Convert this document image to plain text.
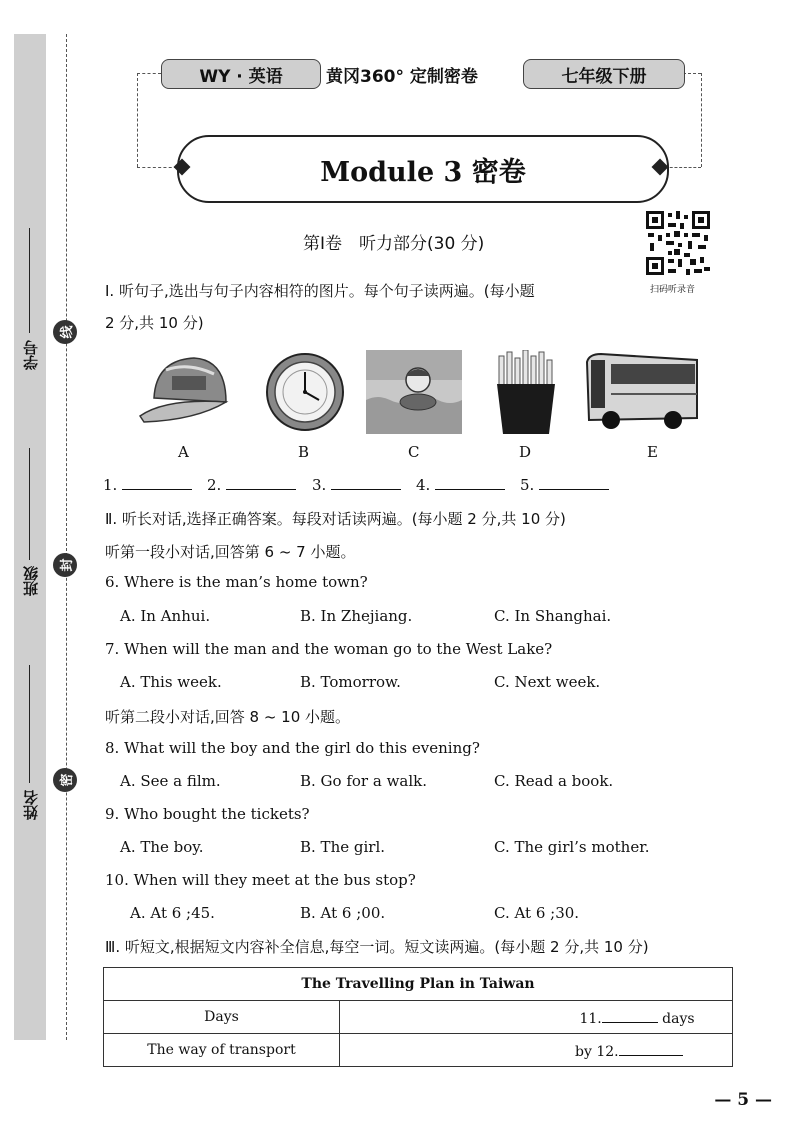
学号
班级
姓名
线
封
密
WY · 英语	黄冈360° 定制密卷	七年级下册
Module 3 密卷
第Ⅰ卷　听力部分(30 分)
扫码听录音
Ⅰ. 听句子,选出与句子内容相符的图片。每个句子读两遍。(每小题
2 分,共 10 分)
A	B	C	D	E
1.	2.	3.	4.	5.
Ⅱ. 听长对话,选择正确答案。每段对话读两遍。(每小题 2 分,共 10 分)
听第一段小对话,回答第 6 ~ 7 小题。
6. Where is the man’s home town?
A. In Anhui.	B. In Zhejiang.	C. In Shanghai.
7. When will the man and the woman go to the West Lake?
A. This week.	B. Tomorrow.	C. Next week.
听第二段小对话,回答 8 ~ 10 小题。
8. What will the boy and the girl do this evening?
A. See a film.	B. Go for a walk.	C. Read a book.
9. Who bought the tickets?
A. The boy.	B. The girl.	C. The girl’s mother.
10. When will they meet at the bus stop?
A. At 6 ;45.	B. At 6 ;00.	C. At 6 ;30.
Ⅲ. 听短文,根据短文内容补全信息,每空一词。短文读两遍。(每小题 2 分,共 10 分)
The Travelling Plan in Taiwan	
Days	11. days
The way of transport	by 12.
— 5 —
